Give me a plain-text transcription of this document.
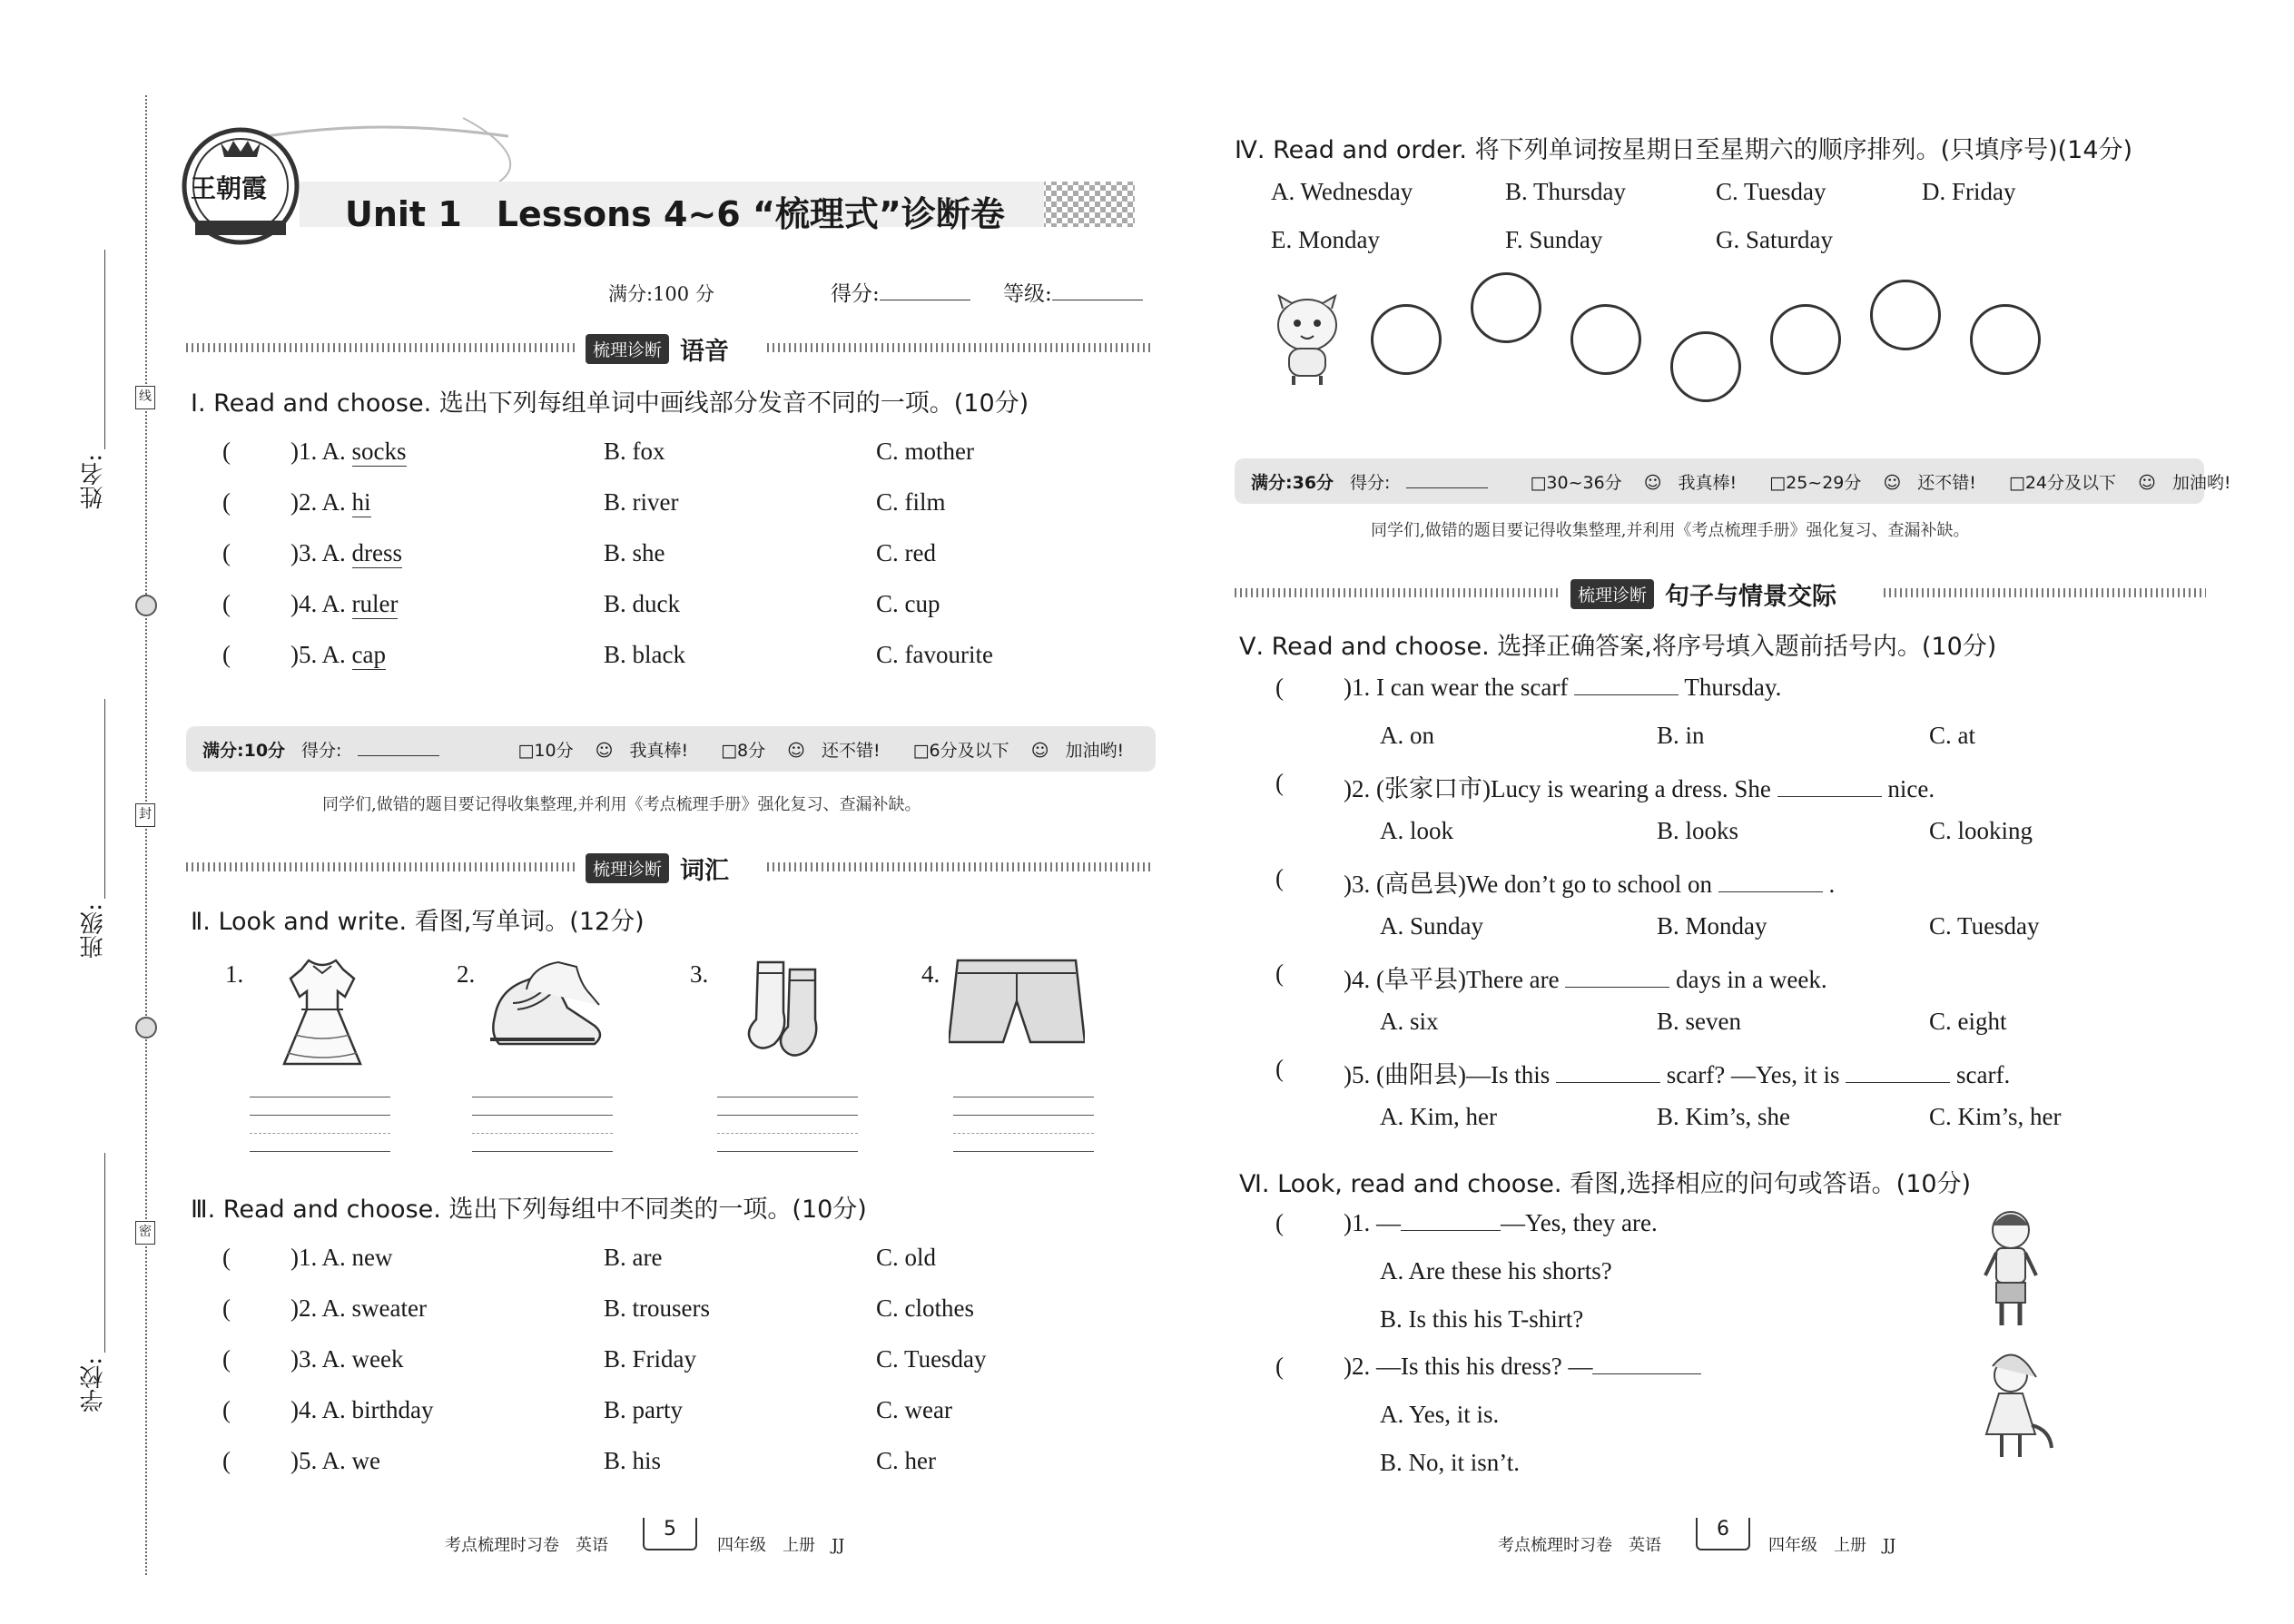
姓名:
班级:
学校:
线
封
密
王朝霞
Unit 1　Lessons 4~6 “梳理式”诊断卷
满分:100 分	得分:	等级:
梳理诊断 语音
Ⅰ. Read and choose. 选出下列每组单词中画线部分发音不同的一项。(10分)
( )1. A. socks	B. fox	C. mother
( )2. A. hi	B. river	C. film
( )3. A. dress	B. she	C. red
( )4. A. ruler	B. duck	C. cup
( )5. A. cap	B. black	C. favourite
满分:10分 得分:	□10分 ☺ 我真棒!	□8分 ☺ 还不错!	□6分及以下 ☺ 加油哟!
同学们,做错的题目要记得收集整理,并利用《考点梳理手册》强化复习、查漏补缺。
梳理诊断 词汇
Ⅱ. Look and write. 看图,写单词。(12分)
1.	2.	3.	4.
Ⅲ. Read and choose. 选出下列每组中不同类的一项。(10分)
( )1. A. new	B. are	C. old
( )2. A. sweater	B. trousers	C. clothes
( )3. A. week	B. Friday	C. Tuesday
( )4. A. birthday	B. party	C. wear
( )5. A. we	B. his	C. her
考点梳理时习卷　英语
5
四年级　上册　JJ
Ⅳ. Read and order. 将下列单词按星期日至星期六的顺序排列。(只填序号)(14分)
A. Wednesday	B. Thursday	C. Tuesday	D. Friday
E. Monday	F. Sunday	G. Saturday
满分:36分 得分:	□30~36分 ☺ 我真棒!	□25~29分 ☺ 还不错!	□24分及以下 ☺ 加油哟!
同学们,做错的题目要记得收集整理,并利用《考点梳理手册》强化复习、查漏补缺。
梳理诊断 句子与情景交际
Ⅴ. Read and choose. 选择正确答案,将序号填入题前括号内。(10分)
( )1. I can wear the scarf	Thursday.
A. on	B. in	C. at
( )2. (张家口市)Lucy is wearing a dress. She	nice.
A. look	B. looks	C. looking
( )3. (高邑县)We don’t go to school on	.
A. Sunday	B. Monday	C. Tuesday
( )4. (阜平县)There are	days in a week.
A. six	B. seven	C. eight
( )5. (曲阳县)—Is this	scarf? —Yes, it is	scarf.
A. Kim, her	B. Kim’s, she	C. Kim’s, her
Ⅵ. Look, read and choose. 看图,选择相应的问句或答语。(10分)
( )1. —	—Yes, they are.
A. Are these his shorts?
B. Is this his T-shirt?
( )2. —Is this his dress? —
A. Yes, it is.
B. No, it isn’t.
考点梳理时习卷　英语
6
四年级　上册　JJ
